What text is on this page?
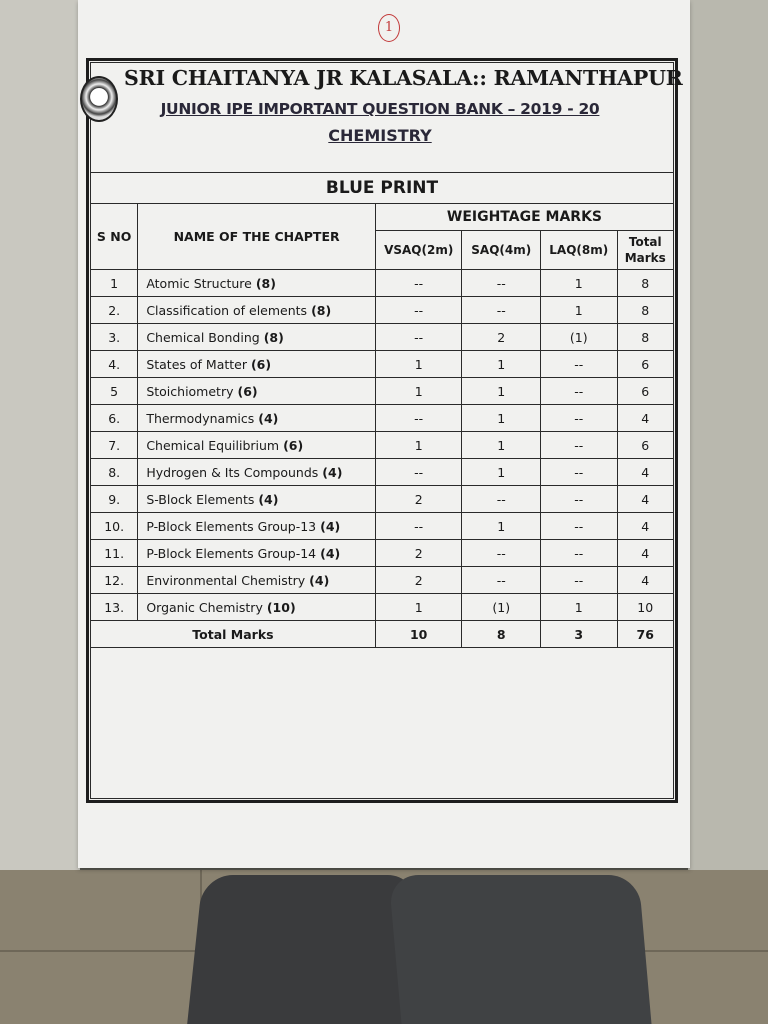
1
SRI CHAITANYA JR KALASALA:: RAMANTHAPUR
JUNIOR IPE IMPORTANT QUESTION BANK – 2019 - 20
CHEMISTRY
BLUE PRINT					
S NO	NAME OF THE CHAPTER	WEIGHTAGE MARKS			
		VSAQ(2m)	SAQ(4m)	LAQ(8m)	Total Marks
1	Atomic Structure (8)	--	--	1	8
2.	Classification of elements (8)	--	--	1	8
3.	Chemical Bonding (8)	--	2	(1)	8
4.	States of Matter (6)	1	1	--	6
5	Stoichiometry (6)	1	1	--	6
6.	Thermodynamics (4)	--	1	--	4
7.	Chemical Equilibrium (6)	1	1	--	6
8.	Hydrogen & Its Compounds (4)	--	1	--	4
9.	S-Block Elements (4)	2	--	--	4
10.	P-Block Elements Group-13 (4)	--	1	--	4
11.	P-Block Elements Group-14 (4)	2	--	--	4
12.	Environmental Chemistry (4)	2	--	--	4
13.	Organic Chemistry (10)	1	(1)	1	10
Total Marks		10	8	3	76
